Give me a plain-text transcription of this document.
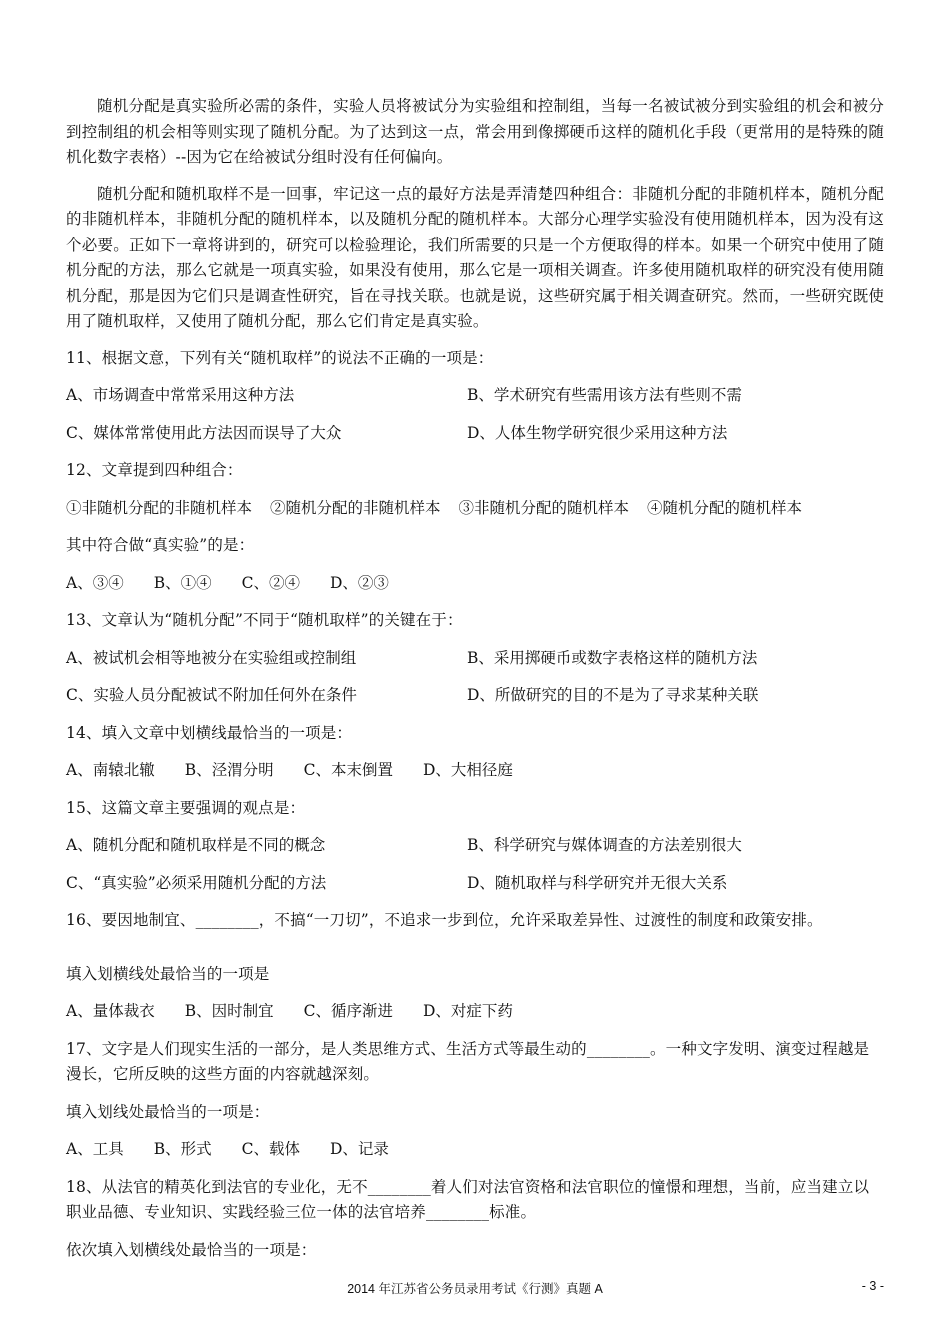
随机分配是真实验所必需的条件，实验人员将被试分为实验组和控制组，当每一名被试被分到实验组的机会和被分到控制组的机会相等则实现了随机分配。为了达到这一点，常会用到像掷硬币这样的随机化手段（更常用的是特殊的随机化数字表格）--因为它在给被试分组时没有任何偏向。

随机分配和随机取样不是一回事，牢记这一点的最好方法是弄清楚四种组合：非随机分配的非随机样本，随机分配的非随机样本，非随机分配的随机样本，以及随机分配的随机样本。大部分心理学实验没有使用随机样本，因为没有这个必要。正如下一章将讲到的，研究可以检验理论，我们所需要的只是一个方便取得的样本。如果一个研究中使用了随机分配的方法，那么它就是一项真实验，如果没有使用，那么它是一项相关调查。许多使用随机取样的研究没有使用随机分配，那是因为它们只是调查性研究，旨在寻找关联。也就是说，这些研究属于相关调查研究。然而，一些研究既使用了随机取样，又使用了随机分配，那么它们肯定是真实验。

11、根据文意，下列有关“随机取样”的说法不正确的一项是：

A、市场调查中常常采用这种方法	B、学术研究有些需用该方法有些则不需
C、媒体常常使用此方法因而误导了大众	D、人体生物学研究很少采用这种方法

12、文章提到四种组合：

①非随机分配的非随机样本 ②随机分配的非随机样本 ③非随机分配的随机样本 ④随机分配的随机样本

其中符合做“真实验”的是：

A、③④ B、①④ C、②④ D、②③

13、文章认为“随机分配”不同于“随机取样”的关键在于：

A、被试机会相等地被分在实验组或控制组	B、采用掷硬币或数字表格这样的随机方法
C、实验人员分配被试不附加任何外在条件	D、所做研究的目的不是为了寻求某种关联

14、填入文章中划横线最恰当的一项是：

A、南辕北辙 B、泾渭分明 C、本末倒置 D、大相径庭

15、这篇文章主要强调的观点是：

A、随机分配和随机取样是不同的概念	B、科学研究与媒体调查的方法差别很大
C、“真实验”必须采用随机分配的方法	D、随机取样与科学研究并无很大关系

16、要因地制宜、________，不搞“一刀切”，不追求一步到位，允许采取差异性、过渡性的制度和政策安排。

填入划横线处最恰当的一项是

A、量体裁衣 B、因时制宜 C、循序渐进 D、对症下药

17、文字是人们现实生活的一部分，是人类思维方式、生活方式等最生动的________。一种文字发明、演变过程越是漫长，它所反映的这些方面的内容就越深刻。

填入划线处最恰当的一项是：

A、工具 B、形式 C、载体 D、记录

18、从法官的精英化到法官的专业化，无不________着人们对法官资格和法官职位的憧憬和理想，当前，应当建立以职业品德、专业知识、实践经验三位一体的法官培养________标准。

依次填入划横线处最恰当的一项是：

2014 年江苏省公务员录用考试《行测》真题 A	- 3 -
